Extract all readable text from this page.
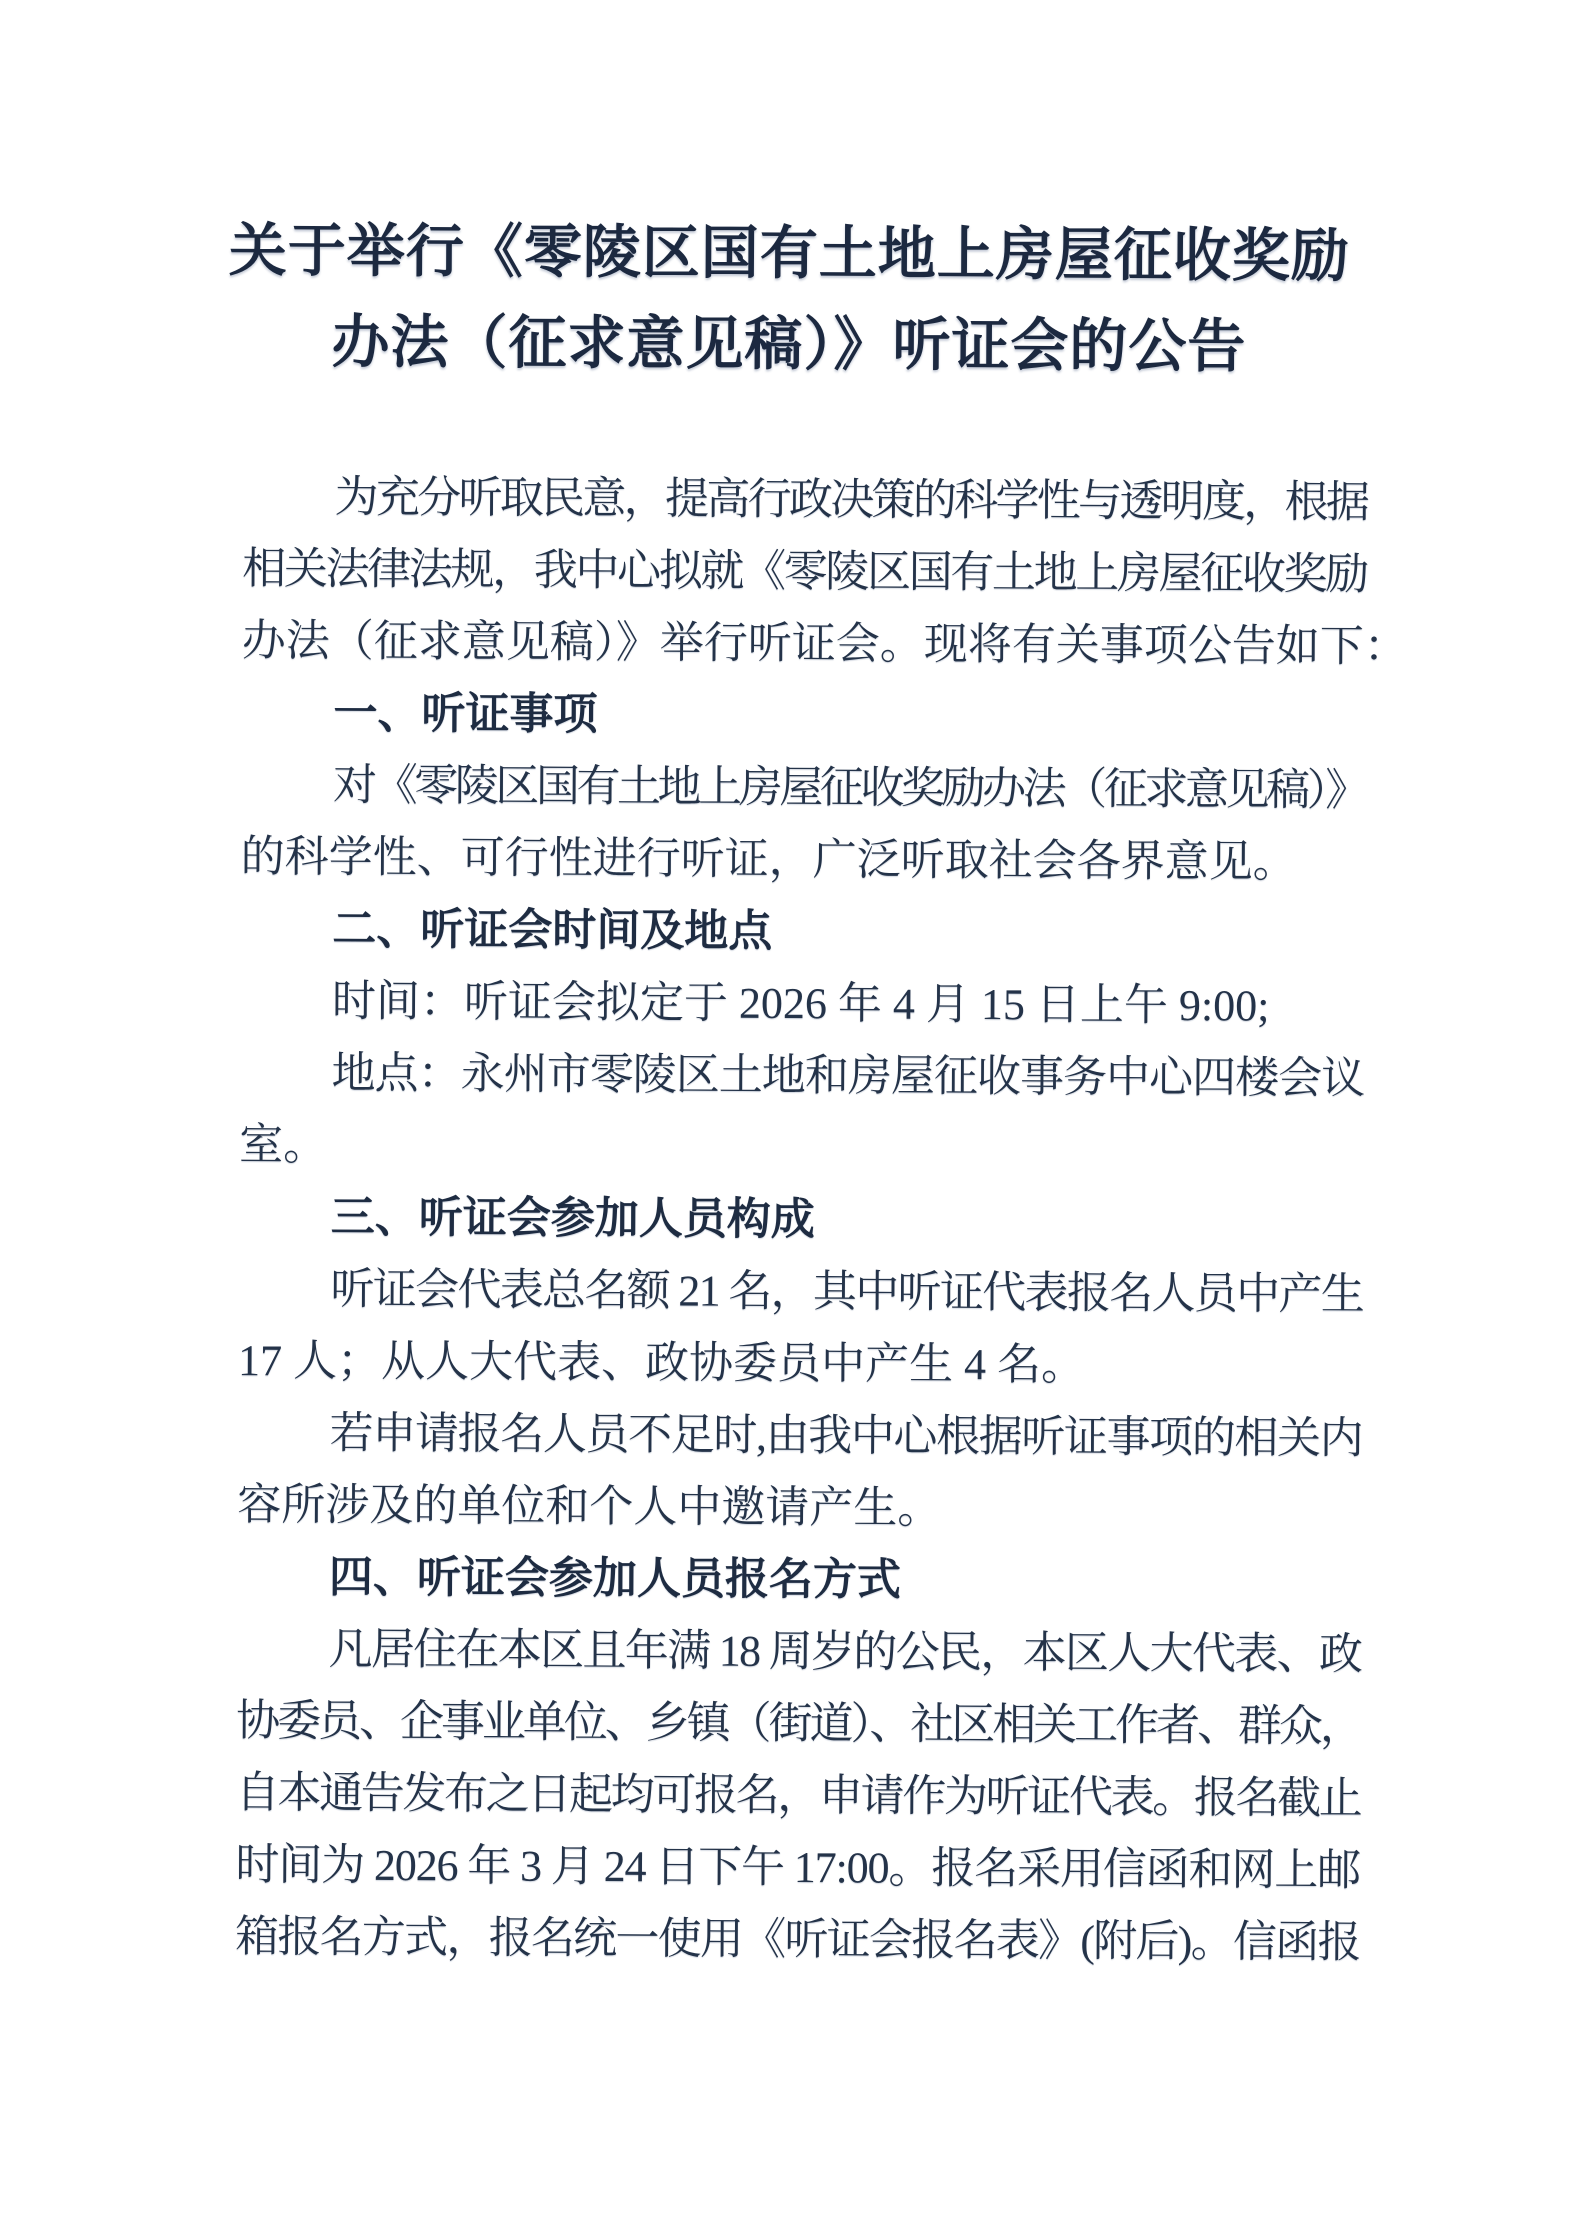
关于举行《零陵区国有土地上房屋征收奖励
办法（征求意见稿）》听证会的公告
为充分听取民意，提高行政决策的科学性与透明度，根据
相关法律法规，我中心拟就《零陵区国有土地上房屋征收奖励
办法（征求意见稿）》举行听证会。现将有关事项公告如下：
一、听证事项
对《零陵区国有土地上房屋征收奖励办法（征求意见稿）》
的科学性、可行性进行听证，广泛听取社会各界意见。
二、听证会时间及地点
时间：听证会拟定于 2026 年 4 月 15 日上午 9:00;
地点：永州市零陵区土地和房屋征收事务中心四楼会议
室。
三、听证会参加人员构成
听证会代表总名额 21 名，其中听证代表报名人员中产生
17 人；从人大代表、政协委员中产生 4 名。
若申请报名人员不足时,由我中心根据听证事项的相关内
容所涉及的单位和个人中邀请产生。
四、听证会参加人员报名方式
凡居住在本区且年满 18 周岁的公民，本区人大代表、政
协委员、企事业单位、乡镇（街道）、社区相关工作者、群众，
自本通告发布之日起均可报名，申请作为听证代表。报名截止
时间为 2026 年 3 月 24 日下午 17:00。报名采用信函和网上邮
箱报名方式，报名统一使用《听证会报名表》(附后)。信函报
